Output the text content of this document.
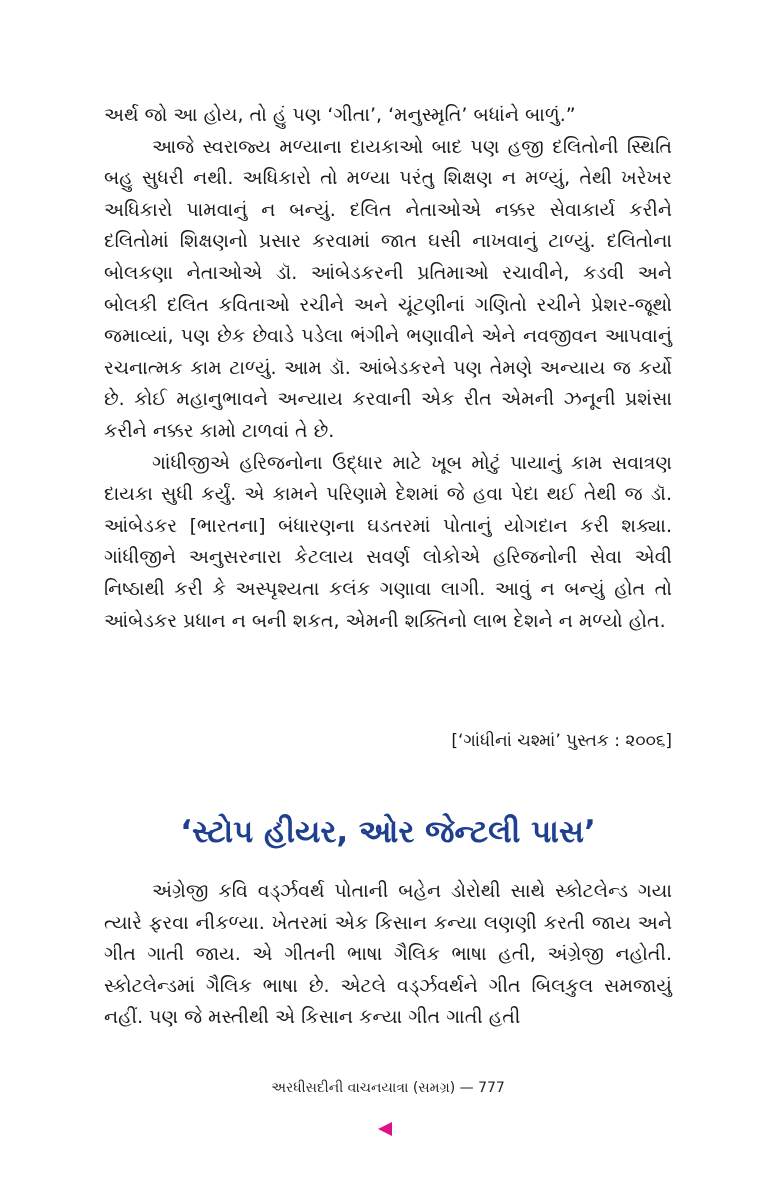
અર્થ જો આ હોય, તો હું પણ ‘ગીતા’, ‘મનુસ્મૃતિ’ બધાંને બાળું.”

આજે સ્વરાજ્ય મળ્યાના દાયકાઓ બાદ પણ હજી દલિતોની સ્થિતિ બહુ સુધરી નથી. અધિકારો તો મળ્યા પરંતુ શિક્ષણ ન મળ્યું, તેથી ખરેખર અધિકારો પામવાનું ન બન્યું. દલિત નેતાઓએ નક્કર સેવાકાર્ય કરીને દલિતોમાં શિક્ષણનો પ્રસાર કરવામાં જાત ઘસી નાખવાનું ટાળ્યું. દલિતોના બોલકણા નેતાઓએ ડૉ. આંબેડકરની પ્રતિમાઓ રચાવીને, કડવી અને બોલકી દલિત કવિતાઓ રચીને અને ચૂંટણીનાં ગણિતો રચીને પ્રેશર-જૂથો જમાવ્યાં, પણ છેક છેવાડે પડેલા ભંગીને ભણાવીને એને નવજીવન આપવાનું રચનાત્મક કામ ટાળ્યું. આમ ડૉ. આંબેડકરને પણ તેમણે અન્યાય જ કર્યો છે. કોઈ મહાનુભાવને અન્યાય કરવાની એક રીત એમની ઝનૂની પ્રશંસા કરીને નક્કર કામો ટાળવાં તે છે.

ગાંધીજીએ હરિજનોના ઉદ્ધાર માટે ખૂબ મોટું પાયાનું કામ સવાત્રણ દાયકા સુધી કર્યું. એ કામને પરિણામે દેશમાં જે હવા પેદા થઈ તેથી જ ડૉ. આંબેડકર [ભારતના] બંધારણના ઘડતરમાં પોતાનું યોગદાન કરી શક્યા. ગાંધીજીને અનુસરનારા કેટલાય સવર્ણ લોકોએ હરિજનોની સેવા એવી નિષ્ઠાથી કરી કે અસ્પૃશ્યતા કલંક ગણાવા લાગી. આવું ન બન્યું હોત તો આંબેડકર પ્રધાન ન બની શકત, એમની શક્તિનો લાભ દેશને ન મળ્યો હોત.

[‘ગાંધીનાં ચશ્માં’ પુસ્તક : ૨૦૦૬]
‘સ્ટોપ હીયર, ઓર જેન્ટલી પાસ’

અંગ્રેજી કવિ વર્ડ્ઝવર્થ પોતાની બહેન ડોરોથી સાથે સ્કોટલેન્ડ ગયા ત્યારે ફરવા નીકળ્યા. ખેતરમાં એક કિસાન કન્યા લણણી કરતી જાય અને ગીત ગાતી જાય. એ ગીતની ભાષા ગૈલિક ભાષા હતી, અંગ્રેજી નહોતી. સ્કોટલેન્ડમાં ગૈલિક ભાષા છે. એટલે વર્ડ્ઝવર્થને ગીત બિલકુલ સમજાયું નહીં. પણ જે મસ્તીથી એ કિસાન કન્યા ગીત ગાતી હતી

અરધીસદીની વાચનયાત્રા (સમગ્ર) — 777
